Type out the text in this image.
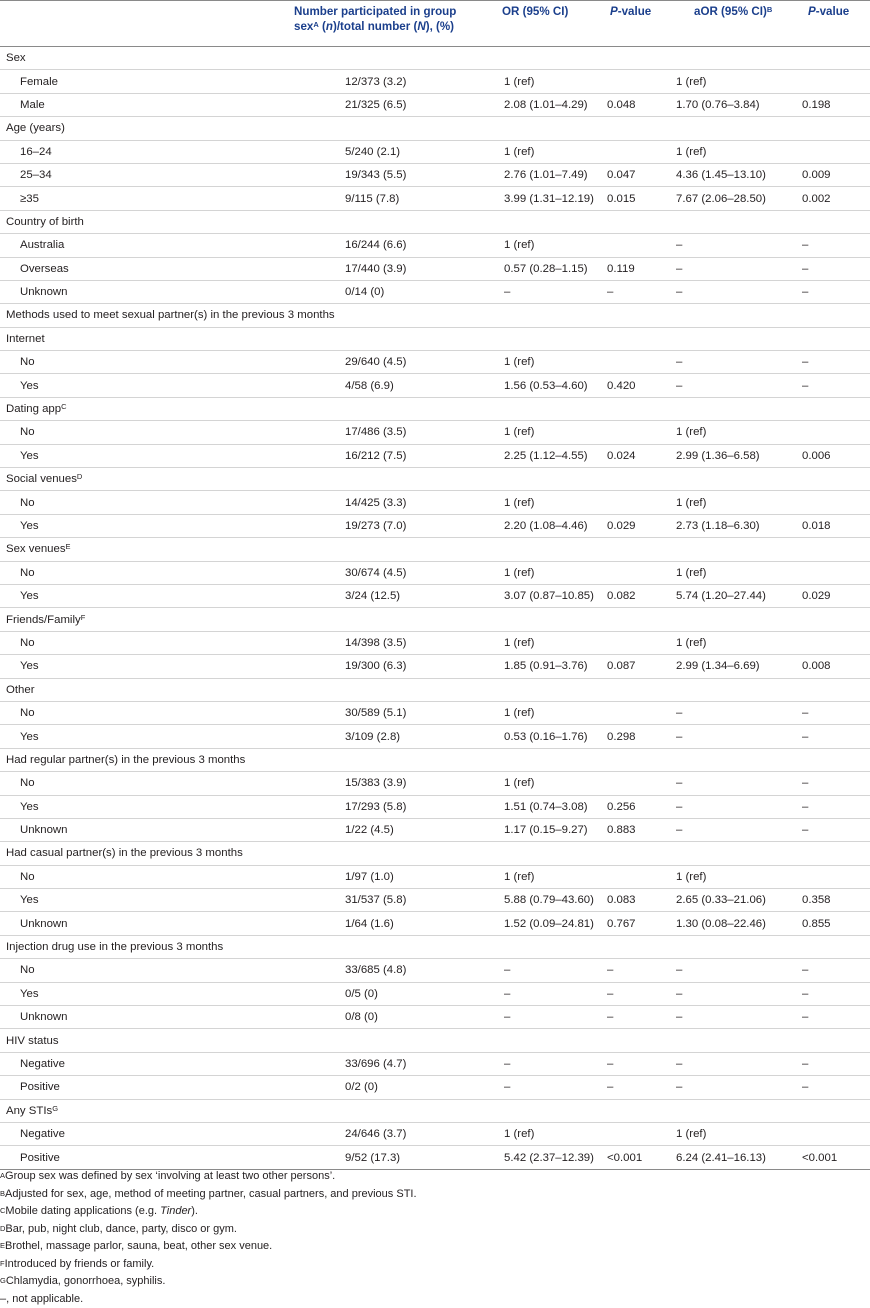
	Number participated in group
sex$^A$ (n)/total number (N), (%)	OR (95% CI)	P-value	aOR (95% CI)$^B$	P-value
Sex					
Female	12/373 (3.2)	1 (ref)		1 (ref)	
Male	21/325 (6.5)	2.08 (1.01–4.29)	0.048	1.70 (0.76–3.84)	0.198
Age (years)					
16–24	5/240 (2.1)	1 (ref)		1 (ref)	
25–34	19/343 (5.5)	2.76 (1.01–7.49)	0.047	4.36 (1.45–13.10)	0.009
≥35	9/115 (7.8)	3.99 (1.31–12.19)	0.015	7.67 (2.06–28.50)	0.002
Country of birth					
Australia	16/244 (6.6)	1 (ref)		–	–
Overseas	17/440 (3.9)	0.57 (0.28–1.15)	0.119	–	–
Unknown	0/14 (0)	–	–	–	–
Methods used to meet sexual partner(s) in the previous 3 months					
Internet					
No	29/640 (4.5)	1 (ref)		–	–
Yes	4/58 (6.9)	1.56 (0.53–4.60)	0.420	–	–
Dating app$^C$					
No	17/486 (3.5)	1 (ref)		1 (ref)	
Yes	16/212 (7.5)	2.25 (1.12–4.55)	0.024	2.99 (1.36–6.58)	0.006
Social venues$^D$					
No	14/425 (3.3)	1 (ref)		1 (ref)	
Yes	19/273 (7.0)	2.20 (1.08–4.46)	0.029	2.73 (1.18–6.30)	0.018
Sex venues$^E$					
No	30/674 (4.5)	1 (ref)		1 (ref)	
Yes	3/24 (12.5)	3.07 (0.87–10.85)	0.082	5.74 (1.20–27.44)	0.029
Friends/Family$^F$					
No	14/398 (3.5)	1 (ref)		1 (ref)	
Yes	19/300 (6.3)	1.85 (0.91–3.76)	0.087	2.99 (1.34–6.69)	0.008
Other					
No	30/589 (5.1)	1 (ref)		–	–
Yes	3/109 (2.8)	0.53 (0.16–1.76)	0.298	–	–
Had regular partner(s) in the previous 3 months					
No	15/383 (3.9)	1 (ref)		–	–
Yes	17/293 (5.8)	1.51 (0.74–3.08)	0.256	–	–
Unknown	1/22 (4.5)	1.17 (0.15–9.27)	0.883	–	–
Had casual partner(s) in the previous 3 months					
No	1/97 (1.0)	1 (ref)		1 (ref)	
Yes	31/537 (5.8)	5.88 (0.79–43.60)	0.083	2.65 (0.33–21.06)	0.358
Unknown	1/64 (1.6)	1.52 (0.09–24.81)	0.767	1.30 (0.08–22.46)	0.855
Injection drug use in the previous 3 months					
No	33/685 (4.8)	–	–	–	–
Yes	0/5 (0)	–	–	–	–
Unknown	0/8 (0)	–	–	–	–
HIV status					
Negative	33/696 (4.7)	–	–	–	–
Positive	0/2 (0)	–	–	–	–
Any STIs$^G$					
Negative	24/646 (3.7)	1 (ref)		1 (ref)	
Positive	9/52 (17.3)	5.42 (2.37–12.39)	<0.001	6.24 (2.41–16.13)	<0.001
$^A$Group sex was defined by sex ‘involving at least two other persons’.
$^B$Adjusted for sex, age, method of meeting partner, casual partners, and previous STI.
$^C$Mobile dating applications (e.g. Tinder).
$^D$Bar, pub, night club, dance, party, disco or gym.
$^E$Brothel, massage parlor, sauna, beat, other sex venue.
$^F$Introduced by friends or family.
$^G$Chlamydia, gonorrhoea, syphilis.
–, not applicable.
